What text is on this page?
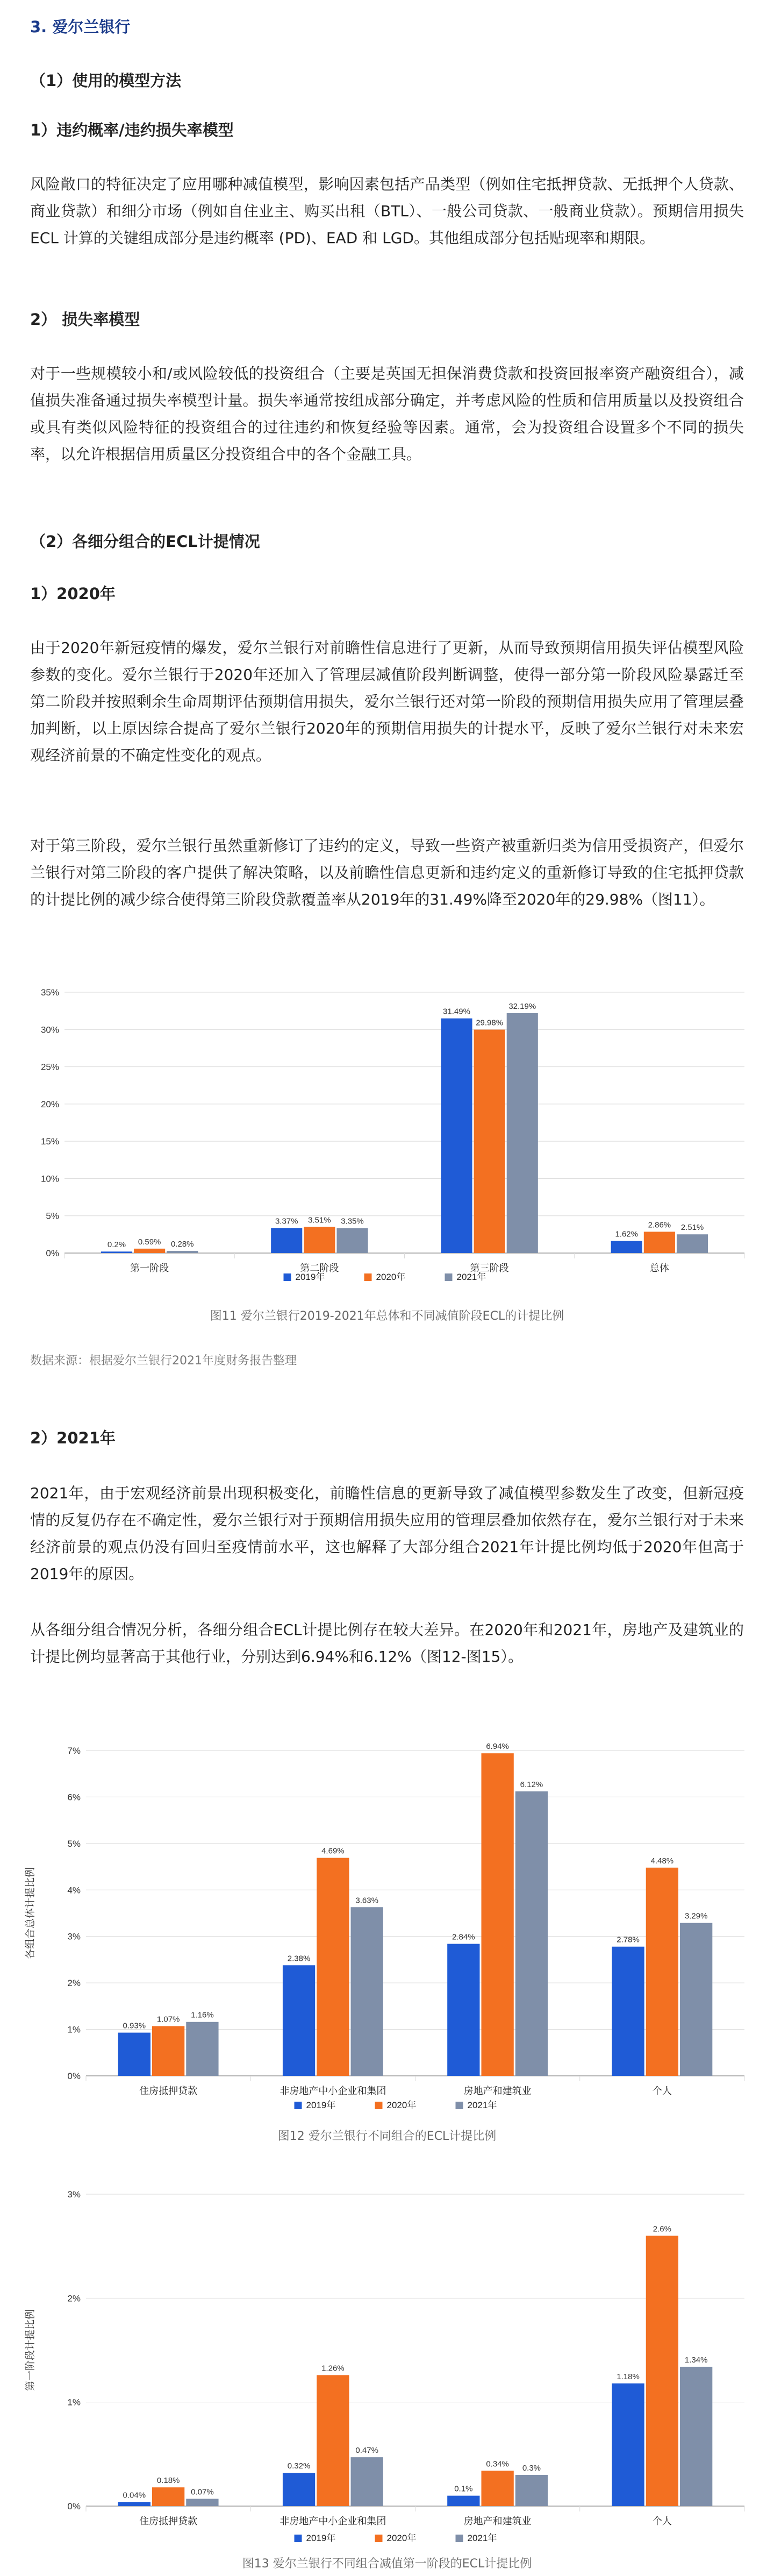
3. 爱尔兰银行
（1）使用的模型方法
1）违约概率/违约损失率模型

风险敞口的特征决定了应用哪种减值模型，影响因素包括产品类型（例如住宅抵押贷款、无抵押个人贷款、商业贷款）和细分市场（例如自住业主、购买出租（BTL）、一般公司贷款、一般商业贷款）。预期信用损失ECL 计算的关键组成部分是违约概率 (PD)、EAD 和 LGD。其他组成部分包括贴现率和期限。

2） 损失率模型

对于一些规模较小和/或风险较低的投资组合（主要是英国无担保消费贷款和投资回报率资产融资组合），减值损失准备通过损失率模型计量。损失率通常按组成部分确定，并考虑风险的性质和信用质量以及投资组合或具有类似风险特征的投资组合的过往违约和恢复经验等因素。通常，会为投资组合设置多个不同的损失率，以允许根据信用质量区分投资组合中的各个金融工具。

（2）各细分组合的ECL计提情况
1）2020年

由于2020年新冠疫情的爆发，爱尔兰银行对前瞻性信息进行了更新，从而导致预期信用损失评估模型风险参数的变化。爱尔兰银行于2020年还加入了管理层减值阶段判断调整，使得一部分第一阶段风险暴露迁至第二阶段并按照剩余生命周期评估预期信用损失，爱尔兰银行还对第一阶段的预期信用损失应用了管理层叠加判断，以上原因综合提高了爱尔兰银行2020年的预期信用损失的计提水平，反映了爱尔兰银行对未来宏观经济前景的不确定性变化的观点。

对于第三阶段，爱尔兰银行虽然重新修订了违约的定义，导致一些资产被重新归类为信用受损资产，但爱尔兰银行对第三阶段的客户提供了解决策略，以及前瞻性信息更新和违约定义的重新修订导致的住宅抵押贷款的计提比例的减少综合使得第三阶段贷款覆盖率从2019年的31.49%降至2020年的29.98%（图11）。

0%
5%
10%
15%
20%
25%
30%
35%
0.2% 0.59% 0.28%
第一阶段
3.37% 3.51% 3.35%
第二阶段
31.49%
29.98%
32.19%
第三阶段
1.62%
2.86% 2.51%
总体
2019年	2020年	2021年

图11 爱尔兰银行2019-2021年总体和不同减值阶段ECL的计提比例

数据来源：根据爱尔兰银行2021年度财务报告整理

2）2021年

2021年，由于宏观经济前景出现积极变化，前瞻性信息的更新导致了减值模型参数发生了改变，但新冠疫情的反复仍存在不确定性，爱尔兰银行对于预期信用损失应用的管理层叠加依然存在，爱尔兰银行对于未来经济前景的观点仍没有回归至疫情前水平，这也解释了大部分组合2021年计提比例均低于2020年但高于2019年的原因。

从各细分组合情况分析，各细分组合ECL计提比例存在较大差异。在2020年和2021年，房地产及建筑业的计提比例均显著高于其他行业，分别达到6.94%和6.12%（图12-图15）。

0%
1%
2%
3%
4%
5%
6%
7%
各组合总体计提比例
0.93%
1.07% 1.16%
住房抵押贷款
2.38%
4.69%
3.63%
非房地产中小企业和集团
2.84%
6.94%
6.12%
房地产和建筑业
2.78%
4.48%
3.29%
个人
2019年	2020年	2021年

图12 爱尔兰银行不同组合的ECL计提比例

0%
1%
2%
3%
第一阶段计提比例
0.04%
0.18%
0.07%
住房抵押贷款
0.32%
1.26%
0.47%
非房地产中小企业和集团
0.1%
0.34% 0.3%
房地产和建筑业
1.18%
2.6%
1.34%
个人
2019年	2020年	2021年

图13 爱尔兰银行不同组合减值第一阶段的ECL计提比例
